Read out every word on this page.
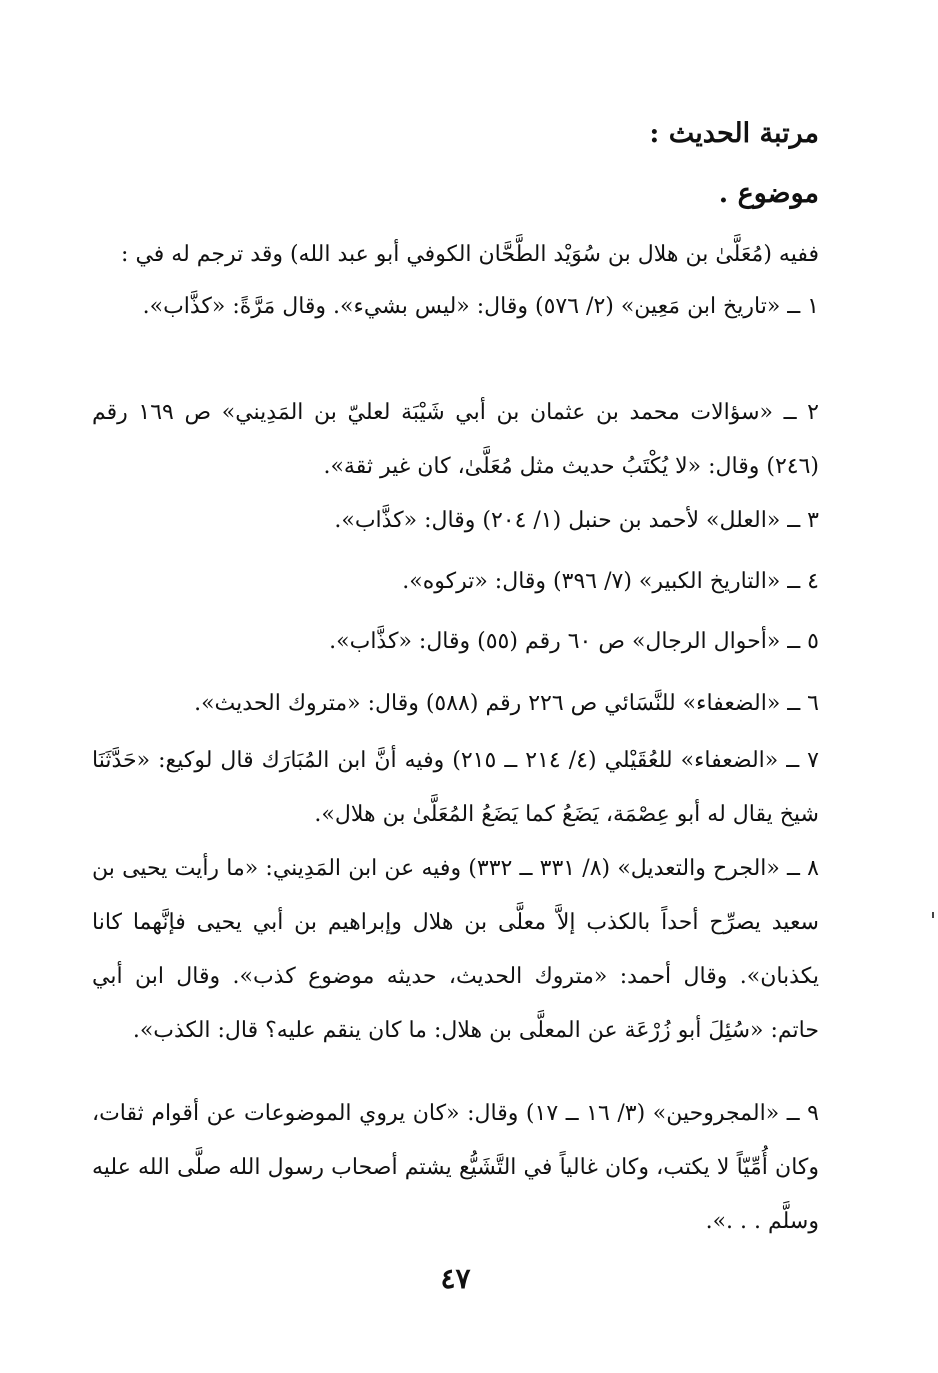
مرتبة الحديث :
موضوع .
ففيه (مُعَلَّىٰ بن هلال بن سُوَيْد الطَّحَّان الكوفي أبو عبد الله) وقد ترجم له في :
١ ــ «تاريخ ابن مَعِين» (٢/ ٥٧٦) وقال: «ليس بشيء». وقال مَرَّةً: «كذَّاب».
٢ ــ «سؤالات محمد بن عثمان بن أبي شَيْبَة لعليّ بن المَدِيني» ص ١٦٩ رقم (٢٤٦) وقال: «لا يُكْتَبُ حديث مثل مُعَلَّىٰ، كان غير ثقة».
٣ ــ «العلل» لأحمد بن حنبل (١/ ٢٠٤) وقال: «كذَّاب».
٤ ــ «التاريخ الكبير» (٧/ ٣٩٦) وقال: «تركوه».
٥ ــ «أحوال الرجال» ص ٦٠ رقم (٥٥) وقال: «كذَّاب».
٦ ــ «الضعفاء» للنَّسَائي ص ٢٢٦ رقم (٥٨٨) وقال: «متروك الحديث».
٧ ــ «الضعفاء» للعُقَيْلي (٤/ ٢١٤ ــ ٢١٥) وفيه أنَّ ابن المُبَارَك قال لوكيع: «حَدَّثَنَا شيخ يقال له أبو عِصْمَة، يَضَعُ كما يَضَعُ المُعَلَّىٰ بن هلال».
٨ ــ «الجرح والتعديل» (٨/ ٣٣١ ــ ٣٣٢) وفيه عن ابن المَدِيني: «ما رأيت يحيى بن سعيد يصرِّح أحداً بالكذب إلاَّ معلَّى بن هلال وإبراهيم بن أبي يحيى فإنَّهما كانا يكذبان». وقال أحمد: «متروك الحديث، حديثه موضوع كذب». وقال ابن أبي حاتم: «سُئِلَ أبو زُرْعَة عن المعلَّى بن هلال: ما كان ينقم عليه؟ قال: الكذب».
٩ ــ «المجروحين» (٣/ ١٦ ــ ١٧) وقال: «كان يروي الموضوعات عن أقوام ثقات، وكان أُمِّيّاً لا يكتب، وكان غالياً في التَّشَيُّع يشتم أصحاب رسول الله صلَّى الله عليه وسلَّم . . .».
٤٧
